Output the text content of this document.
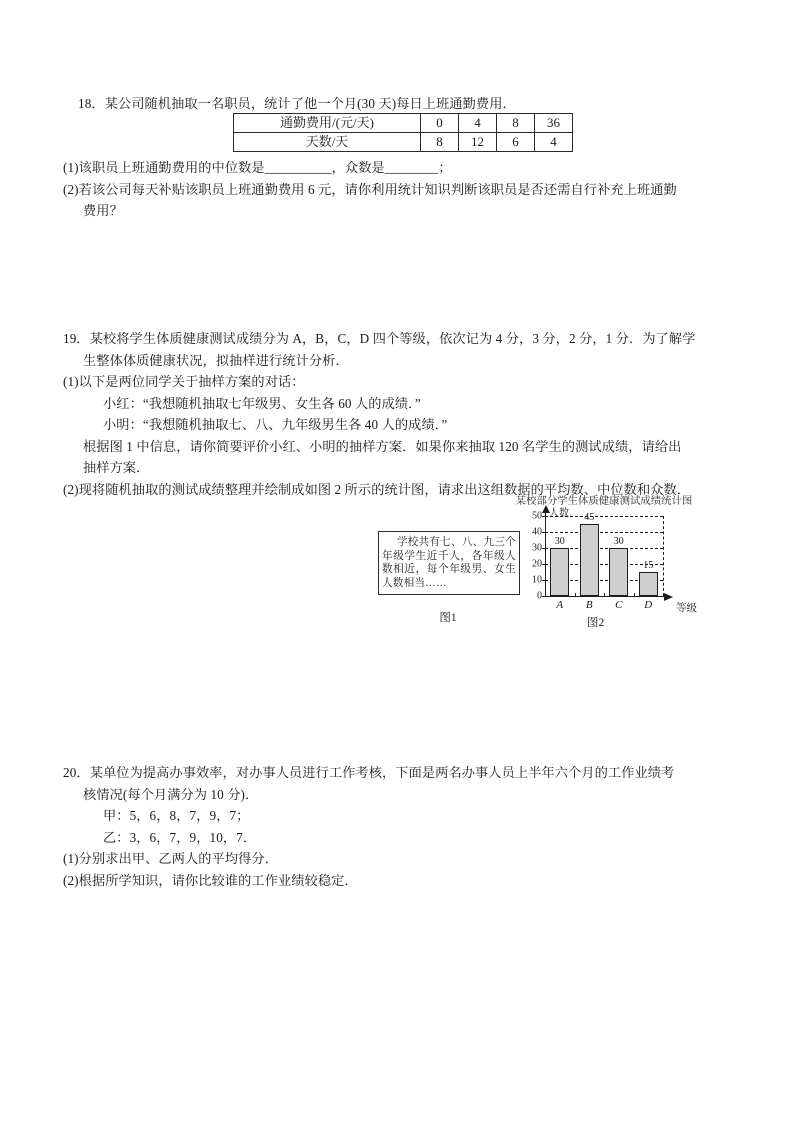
18．某公司随机抽取一名职员，统计了他一个月(30 天)每日上班通勤费用．
通勤费用/(元/天)	0	4	8	36
天数/天	8	12	6	4
(1)该职员上班通勤费用的中位数是__________，众数是________；
(2)若该公司每天补贴该职员上班通勤费用 6 元，请你利用统计知识判断该职员是否还需自行补充上班通勤
费用？
19．某校将学生体质健康测试成绩分为 A，B，C，D 四个等级，依次记为 4 分，3 分，2 分，1 分．为了解学
生整体体质健康状况，拟抽样进行统计分析．
(1)以下是两位同学关于抽样方案的对话：
小红：“我想随机抽取七年级男、女生各 60 人的成绩．”
小明：“我想随机抽取七、八、九年级男生各 40 人的成绩．”
根据图 1 中信息，请你简要评价小红、小明的抽样方案．如果你来抽取 120 名学生的测试成绩，请给出
抽样方案．
(2)现将随机抽取的测试成绩整理并绘制成如图 2 所示的统计图，请求出这组数据的平均数、中位数和众数．
学校共有七、八、九三个年级学生近千人，各年级人数相近，每个年级男、女生人数相当……
图1
某校部分学生体质健康测试成绩统计图
人数
等级
0
10
20
30
40
50
30
A
45
B
30
C
15
D
图2
20．某单位为提高办事效率，对办事人员进行工作考核，下面是两名办事人员上半年六个月的工作业绩考
核情况(每个月满分为 10 分)．
甲：5，6，8，7，9，7；
乙：3，6，7，9，10，7．
(1)分别求出甲、乙两人的平均得分．
(2)根据所学知识，请你比较谁的工作业绩较稳定．
